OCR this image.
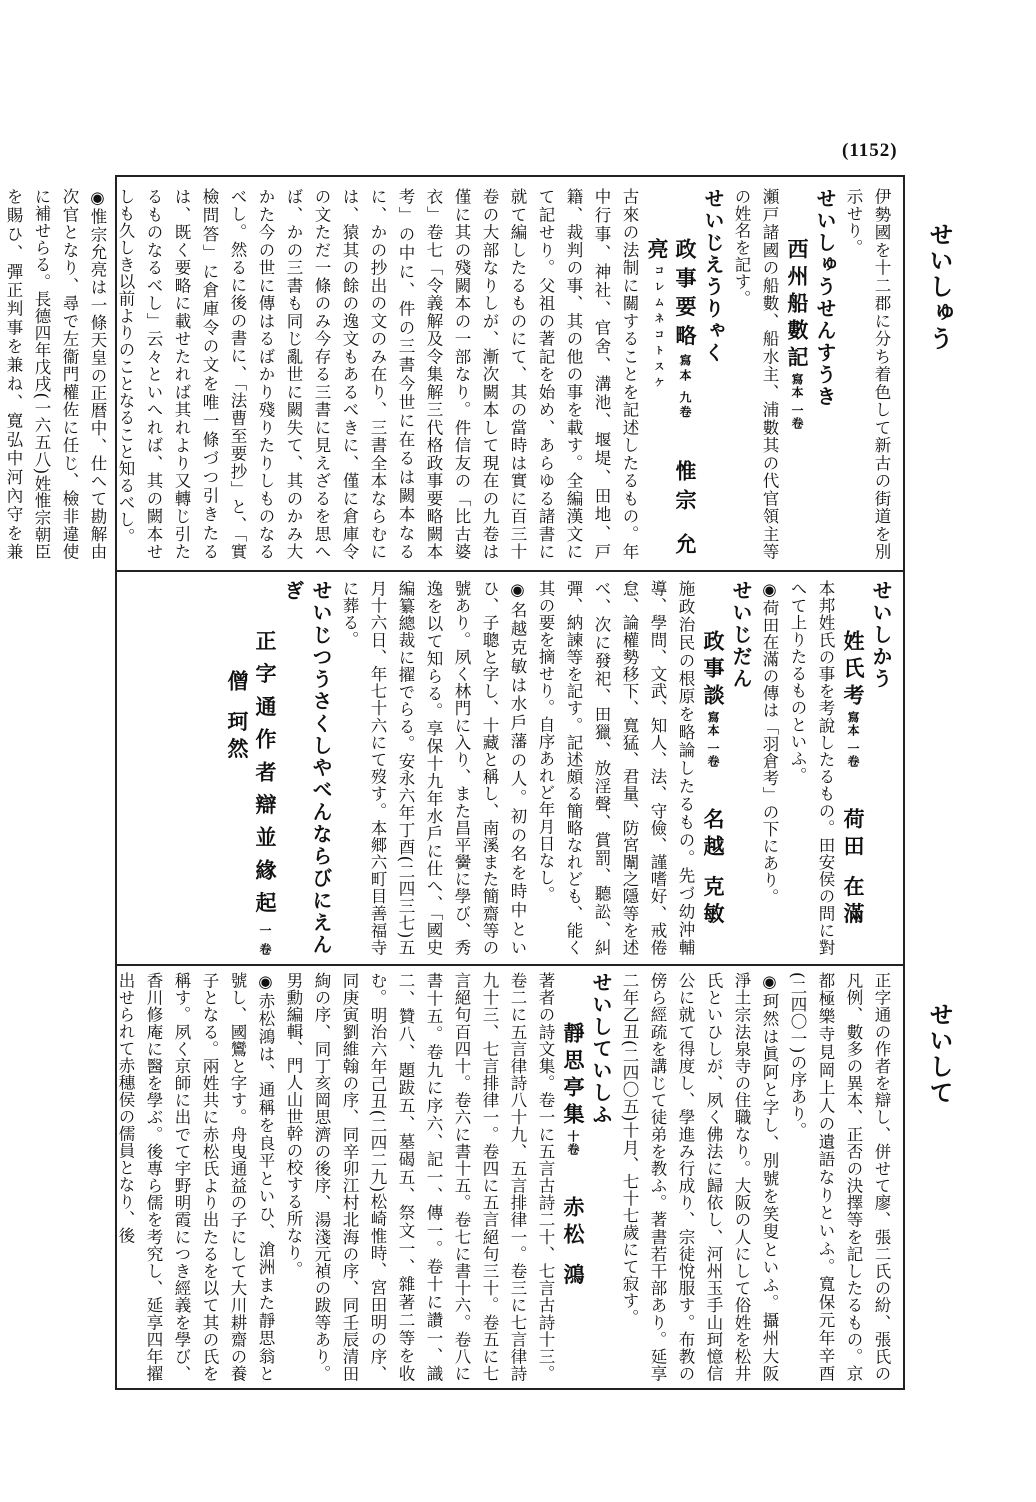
(1152)
せいしゅう
せいして
伊勢國を十二郡に分ち着色して新古の街道を別示せり。
せいしゅうせんすうき
西州船數記寫本 一卷
瀬戸諸國の船數、船水主、浦數其の代官領主等の姓名を記す。
せいじえうりゃく
政事要略寫本 九卷惟宗 允亮コレムネコトスケ
古來の法制に關することを記述したるもの。年中行事、神社、官舍、溝池、堰堤、田地、戸籍、裁判の事、其の他の事を載す。全編漢文にて記せり。父祖の著記を始め、あらゆる諸書に就て編したるものにて、其の當時は實に百三十卷の大部なりしが、漸次闕本して現在の九卷は僅に其の殘闕本の一部なり。件信友の「比古婆衣」卷七「令義解及令集解三代格政事要略闕本考」の中に、件の三書今世に在るは闕本なるに、かの抄出の文のみ在り、三書全本ならむには、猿其の餘の逸文もあるべきに、僅に倉庫令の文ただ一條のみ今存る三書に見えざるを思へば、かの三書も同じ亂世に闕失て、其のかみ大かた今の世に傳はるばかり殘りたりしものなるべし。然るに後の書に、「法曹至要抄」と、「實檢問答」に倉庫令の文を唯一條づつ引きたるは、既く要略に載せたれば其れより又轉じ引たるものなるべし」云々といへれば、其の闕本せしも久しき以前よりのことなること知るべし。
◉惟宗允亮は一條天皇の正暦中、仕へて勘解由次官となり、尋で左衞門權佐に任じ、檢非違使に補せらる。長德四年戊戌(一六五八)姓惟宗朝臣を賜ひ、彈正判事を兼ね、寛弘中河內守を兼
せいしかう
姓氏考寫本 一卷荷田 在滿
本邦姓氏の事を考說したるもの。田安侯の問に對へて上りたるものといふ。
◉荷田在滿の傳は「羽倉考」の下にあり。
せいじだん
政事談寫本 一卷名越 克敏
施政治民の根原を略論したるもの。先づ幼沖輔導、學問、文武、知人、法、守儉、謹嗜好、戒倦怠、論權勢移下、寬猛、君量、防宮闈之隱等を述べ、次に發祀、田獵、放淫聲、賞罰、聽訟、糾彈、納諫等を記す。記述頗る簡略なれども、能く其の要を摘せり。自序あれど年月日なし。
◉名越克敏は水戶藩の人。初の名を時中といひ、子聰と字し、十藏と稱し、南溪また簡齋等の號あり。夙く林門に入り、また昌平黌に學び、秀逸を以て知らる。享保十九年水戶に仕へ、「國史編纂總裁に擢でらる。安永六年丁酉(二四三七)五月十六日、年七十六にて歿す。本郷六町目善福寺に葬る。
せいじつうさくしやべんならびにえんぎ
正字通作者辯並緣起一卷僧 珂然
正字通の作者を辯し、併せて廖、張二氏の紛、張氏の凡例、數多の異本、正否の決擇等を記したるもの。京都極樂寺見岡上人の遺語なりといふ。寬保元年辛酉(二四〇一)の序あり。
◉珂然は眞阿と字し、別號を笑叟といふ。攝州大阪淨土宗法泉寺の住職なり。大阪の人にして俗姓を松井氏といひしが、夙く佛法に歸依し、河州玉手山珂憶信公に就て得度し、學進み行成り、宗徒悅服す。布教の傍ら經疏を講じて徒弟を教ふ。著書若干部あり。延享二年乙丑(二四〇五)十月、七十七歲にて寂す。
せいしていしふ
靜思亭集十卷赤松 鴻
著者の詩文集。卷一に五言古詩二十、七言古詩十三。卷二に五言律詩八十九、五言排律一。卷三に七言律詩九十三、七言排律一。卷四に五言絕句三十。卷五に七言絕句百四十。卷六に書十五。卷七に書十六。卷八に書十五。卷九に序六、記一、傳一。卷十に讚一、識二、贊八、題跋五、墓碣五、祭文一、雜著二等を收む。明治六年己丑(二四二九)松崎惟時、宮田明の序、同庚寅劉維翰の序、同辛卯江村北海の序、同壬辰清田絢の序、同丁亥岡思濟の後序、湯淺元禎の跋等あり。男勳編輯、門人山世幹の校する所なり。
◉赤松鴻は、通稱を良平といひ、滄洲また靜思翁と號し、國鸞と字す。舟曳通益の子にして大川耕齋の養子となる。兩姓共に赤松氏より出たるを以て其の氏を稱す。夙く京師に出でて宇野明霞につき經義を學び、香川修庵に醫を學ぶ。後專ら儒を考究し、延享四年擢出せられて赤穗侯の儒員となり、後
